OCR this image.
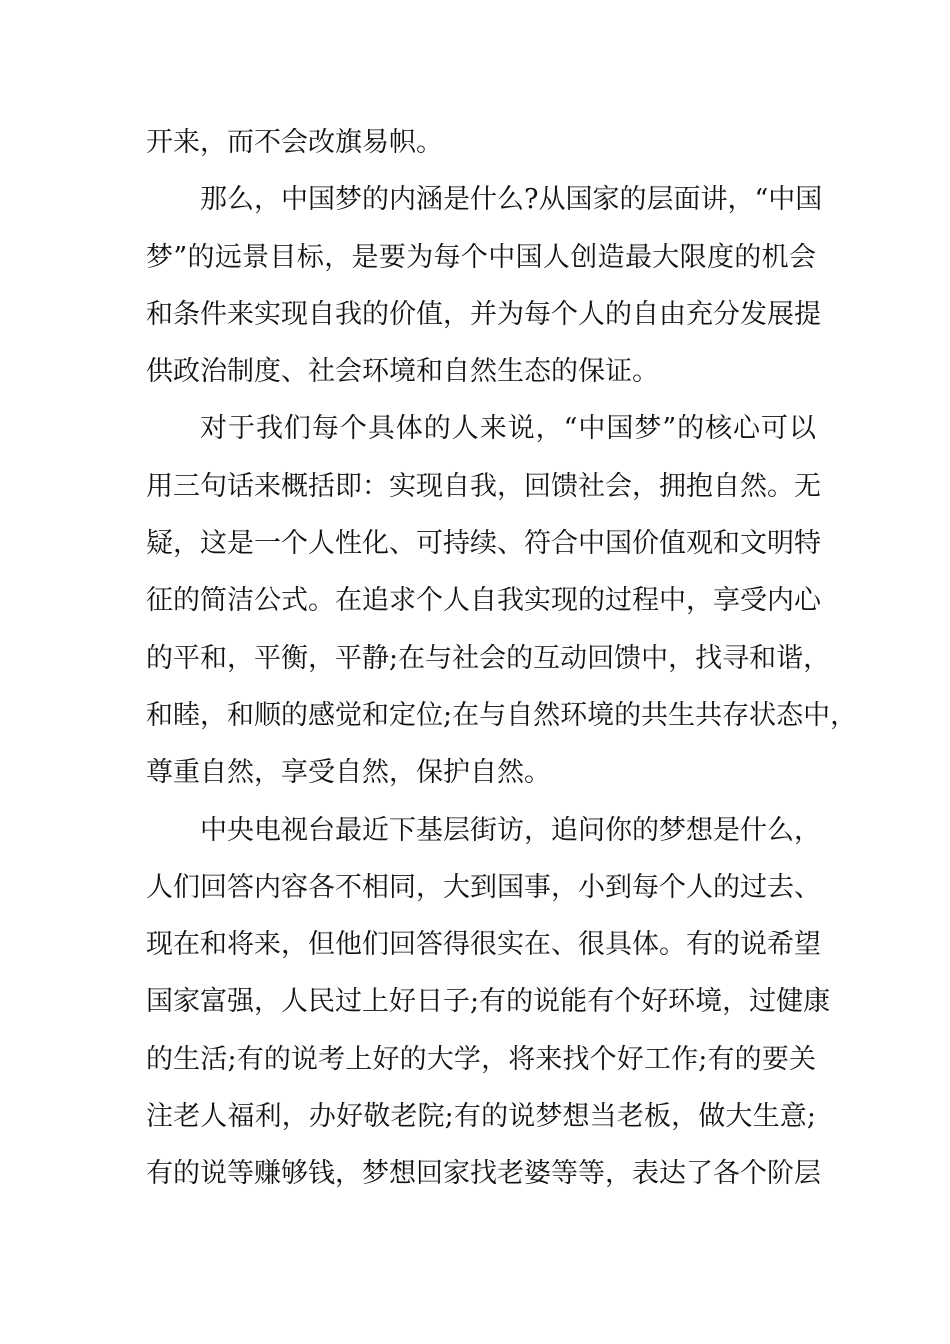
开来，而不会改旗易帜。
那么，中国梦的内涵是什么?从国家的层面讲，“中国
梦”的远景目标，是要为每个中国人创造最大限度的机会
和条件来实现自我的价值，并为每个人的自由充分发展提
供政治制度、社会环境和自然生态的保证。
对于我们每个具体的人来说，“中国梦”的核心可以
用三句话来概括即：实现自我，回馈社会，拥抱自然。无
疑，这是一个人性化、可持续、符合中国价值观和文明特
征的简洁公式。在追求个人自我实现的过程中，享受内心
的平和，平衡，平静;在与社会的互动回馈中，找寻和谐，
和睦，和顺的感觉和定位;在与自然环境的共生共存状态中，
尊重自然，享受自然，保护自然。
中央电视台最近下基层街访，追问你的梦想是什么，
人们回答内容各不相同，大到国事，小到每个人的过去、
现在和将来，但他们回答得很实在、很具体。有的说希望
国家富强，人民过上好日子;有的说能有个好环境，过健康
的生活;有的说考上好的大学，将来找个好工作;有的要关
注老人福利，办好敬老院;有的说梦想当老板，做大生意;
有的说等赚够钱，梦想回家找老婆等等，表达了各个阶层
